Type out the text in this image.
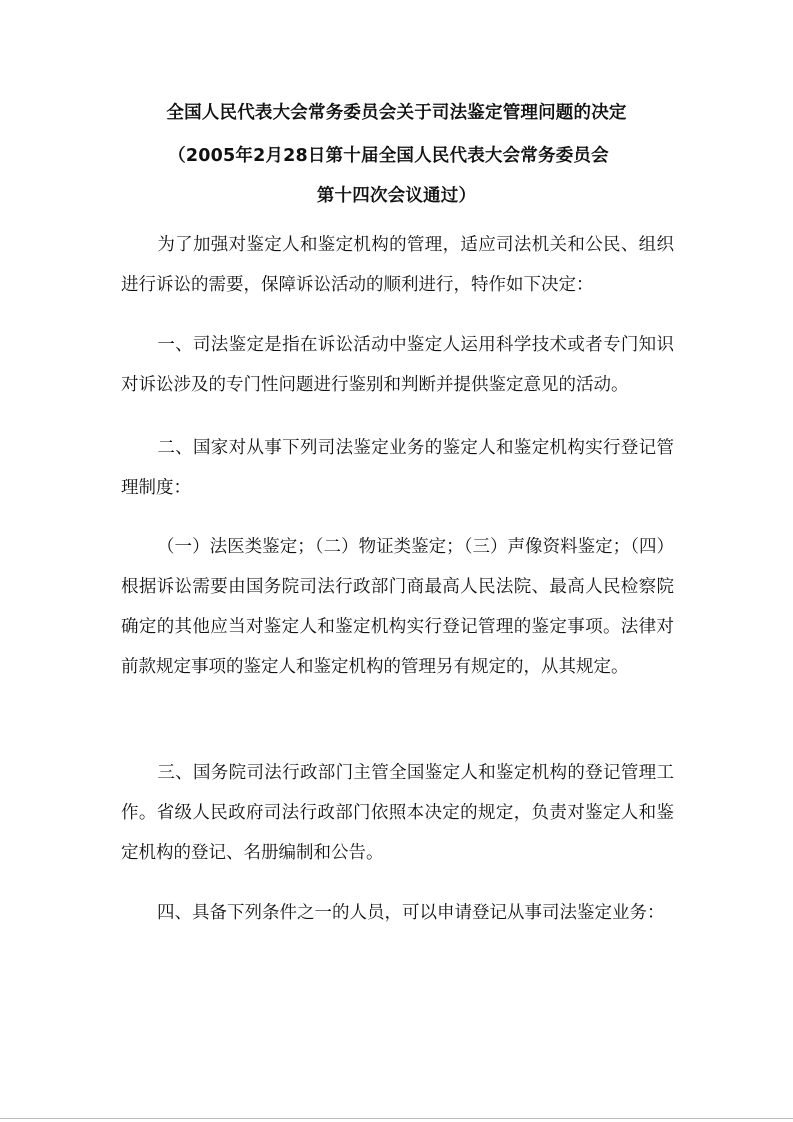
全国人民代表大会常务委员会关于司法鉴定管理问题的决定
（2005年2月28日第十届全国人民代表大会常务委员会
第十四次会议通过）

为了加强对鉴定人和鉴定机构的管理，适应司法机关和公民、组织进行诉讼的需要，保障诉讼活动的顺利进行，特作如下决定：

一、司法鉴定是指在诉讼活动中鉴定人运用科学技术或者专门知识对诉讼涉及的专门性问题进行鉴别和判断并提供鉴定意见的活动。

二、国家对从事下列司法鉴定业务的鉴定人和鉴定机构实行登记管理制度：

（一）法医类鉴定；（二）物证类鉴定；（三）声像资料鉴定；（四）根据诉讼需要由国务院司法行政部门商最高人民法院、最高人民检察院确定的其他应当对鉴定人和鉴定机构实行登记管理的鉴定事项。法律对前款规定事项的鉴定人和鉴定机构的管理另有规定的，从其规定。

三、国务院司法行政部门主管全国鉴定人和鉴定机构的登记管理工作。省级人民政府司法行政部门依照本决定的规定，负责对鉴定人和鉴定机构的登记、名册编制和公告。

四、具备下列条件之一的人员，可以申请登记从事司法鉴定业务：
